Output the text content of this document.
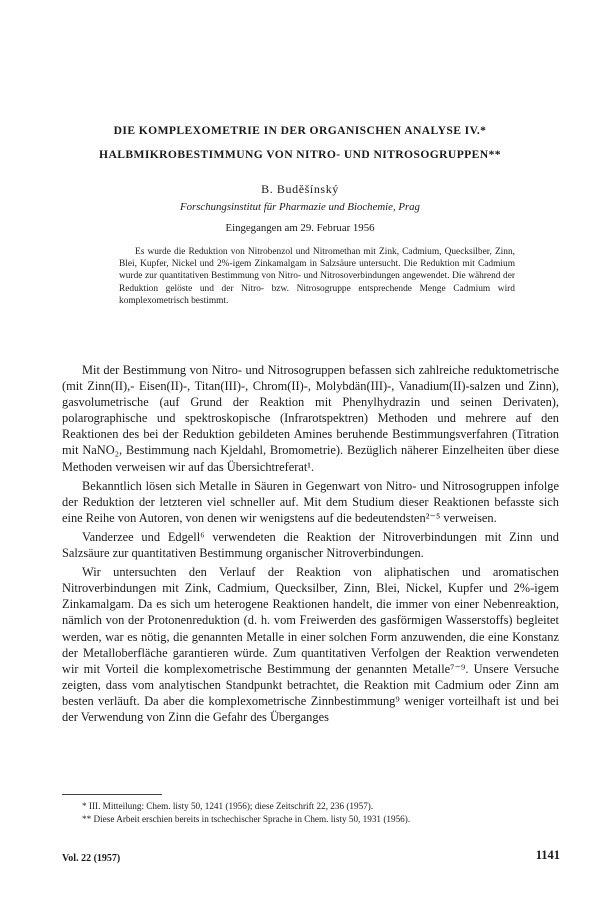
DIE KOMPLEXOMETRIE IN DER ORGANISCHEN ANALYSE IV.*
HALBMIKROBESTIMMUNG VON NITRO- UND NITROSOGRUPPEN**
B. Budĕšínský
Forschungsinstitut für Pharmazie und Biochemie, Prag
Eingegangen am 29. Februar 1956

Es wurde die Reduktion von Nitrobenzol und Nitromethan mit Zink, Cadmium, Quecksilber, Zinn, Blei, Kupfer, Nickel und 2%-igem Zinkamalgam in Salzsäure untersucht. Die Reduktion mit Cadmium wurde zur quantitativen Bestimmung von Nitro- und Nitrosoverbindungen angewendet. Die während der Reduktion gelöste und der Nitro- bzw. Nitrosogruppe entsprechende Menge Cadmium wird komplexometrisch bestimmt.

Mit der Bestimmung von Nitro- und Nitrosogruppen befassen sich zahlreiche reduktometrische (mit Zinn(II),- Eisen(II)-, Titan(III)-, Chrom(II)-, Molybdän(III)-, Vanadium(II)-salzen und Zinn), gasvolumetrische (auf Grund der Reaktion mit Phenylhydrazin und seinen Derivaten), polarographische und spektroskopische (Infrarotspektren) Methoden und mehrere auf den Reaktionen des bei der Reduktion gebildeten Amines beruhende Bestimmungsverfahren (Titration mit NaNO₂, Bestimmung nach Kjeldahl, Bromometrie). Bezüglich näherer Einzelheiten über diese Methoden verweisen wir auf das Übersichtreferat¹.

Bekanntlich lösen sich Metalle in Säuren in Gegenwart von Nitro- und Nitrosogruppen infolge der Reduktion der letzteren viel schneller auf. Mit dem Studium dieser Reaktionen befasste sich eine Reihe von Autoren, von denen wir wenigstens auf die bedeutendsten²⁻⁵ verweisen.

Vanderzee und Edgell⁶ verwendeten die Reaktion der Nitroverbindungen mit Zinn und Salzsäure zur quantitativen Bestimmung organischer Nitroverbindungen.

Wir untersuchten den Verlauf der Reaktion von aliphatischen und aromatischen Nitroverbindungen mit Zink, Cadmium, Quecksilber, Zinn, Blei, Nickel, Kupfer und 2%-igem Zinkamalgam. Da es sich um heterogene Reaktionen handelt, die immer von einer Nebenreaktion, nämlich von der Protonenreduktion (d. h. vom Freiwerden des gasförmigen Wasserstoffs) begleitet werden, war es nötig, die genannten Metalle in einer solchen Form anzuwenden, die eine Konstanz der Metalloberfläche garantieren würde. Zum quantitativen Verfolgen der Reaktion verwendeten wir mit Vorteil die komplexometrische Bestimmung der genannten Metalle⁷⁻⁹. Unsere Versuche zeigten, dass vom analytischen Standpunkt betrachtet, die Reaktion mit Cadmium oder Zinn am besten verläuft. Da aber die komplexometrische Zinnbestimmung⁹ weniger vorteilhaft ist und bei der Verwendung von Zinn die Gefahr des Überganges

* III. Mitteilung: Chem. listy 50, 1241 (1956); diese Zeitschrift 22, 236 (1957).
** Diese Arbeit erschien bereits in tschechischer Sprache in Chem. listy 50, 1931 (1956).
Vol. 22 (1957)	1141
